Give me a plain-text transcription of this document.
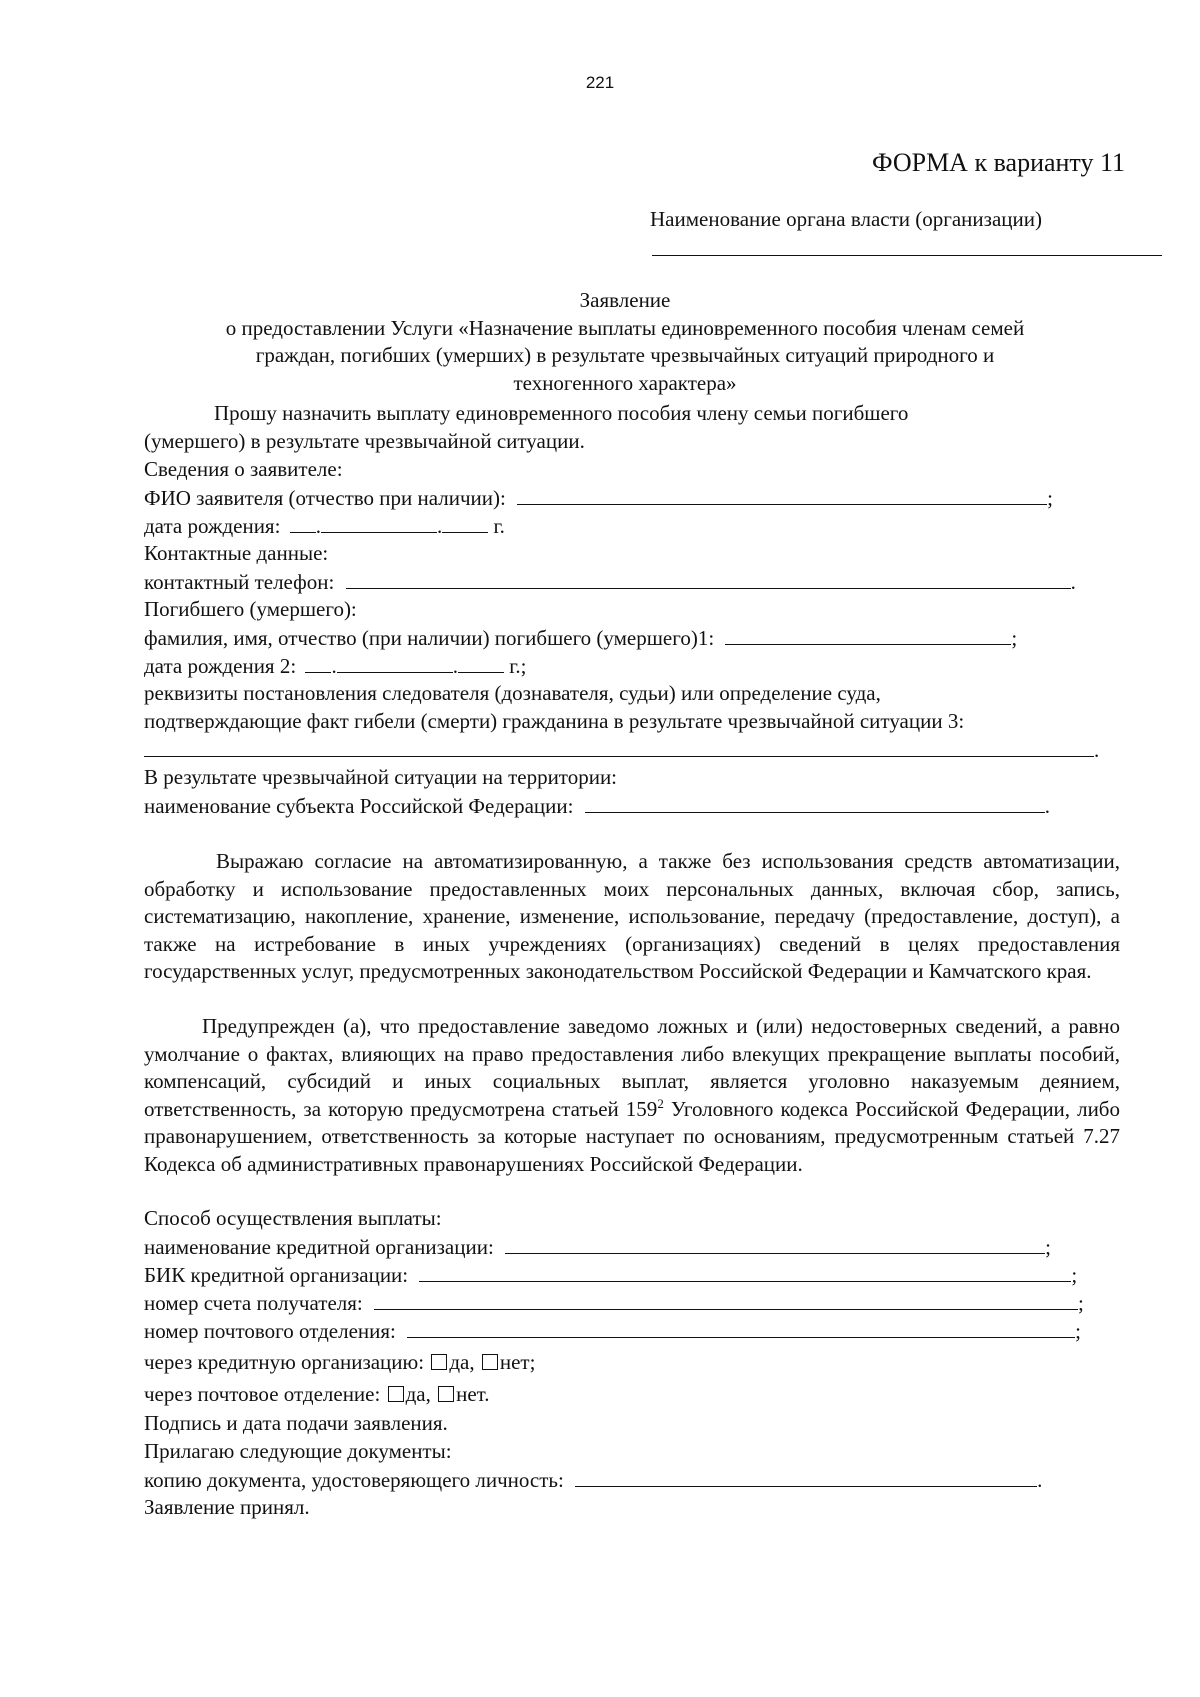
221
ФОРМА к варианту 11
Наименование органа власти (организации)
Заявление
о предоставлении Услуги «Назначение выплаты единовременного пособия членам семей
граждан, погибших (умерших) в результате чрезвычайных ситуаций природного и
техногенного характера»
Прошу назначить выплату единовременного пособия члену семьи погибшего
(умершего) в результате чрезвычайной ситуации.
Сведения о заявителе:
ФИО заявителя (отчество при наличии):	;
дата рождения: .	. г.
Контактные данные:
контактный телефон:	.
Погибшего (умершего):
фамилия, имя, отчество (при наличии) погибшего (умершего)1:	;
дата рождения 2: .	. г.;
реквизиты постановления следователя (дознавателя, судьи) или определение суда,
подтверждающие факт гибели (смерти) гражданина в результате чрезвычайной ситуации 3:
.
В результате чрезвычайной ситуации на территории:
наименование субъекта Российской Федерации:	.

Выражаю согласие на автоматизированную, а также без использования средств автоматизации, обработку и использование предоставленных моих персональных данных, включая сбор, запись, систематизацию, накопление, хранение, изменение, использование, передачу (предоставление, доступ), а также на истребование в иных учреждениях (организациях) сведений в целях предоставления государственных услуг, предусмотренных законодательством Российской Федерации и Камчатского края.

Предупрежден (а), что предоставление заведомо ложных и (или) недостоверных сведений, а равно умолчание о фактах, влияющих на право предоставления либо влекущих прекращение выплаты пособий, компенсаций, субсидий и иных социальных выплат, является уголовно наказуемым деянием, ответственность, за которую предусмотрена статьей $159^2$ Уголовного кодекса Российской Федерации, либо правонарушением, ответственность за которые наступает по основаниям, предусмотренным статьей 7.27 Кодекса об административных правонарушениях Российской Федерации.

Способ осуществления выплаты:
наименование кредитной организации:	;
БИК кредитной организации:	;
номер счета получателя:	;
номер почтового отделения:	;
через кредитную организацию: да, нет;
через почтовое отделение: да, нет.
Подпись и дата подачи заявления.
Прилагаю следующие документы:
копию документа, удостоверяющего личность:	.
Заявление принял.
